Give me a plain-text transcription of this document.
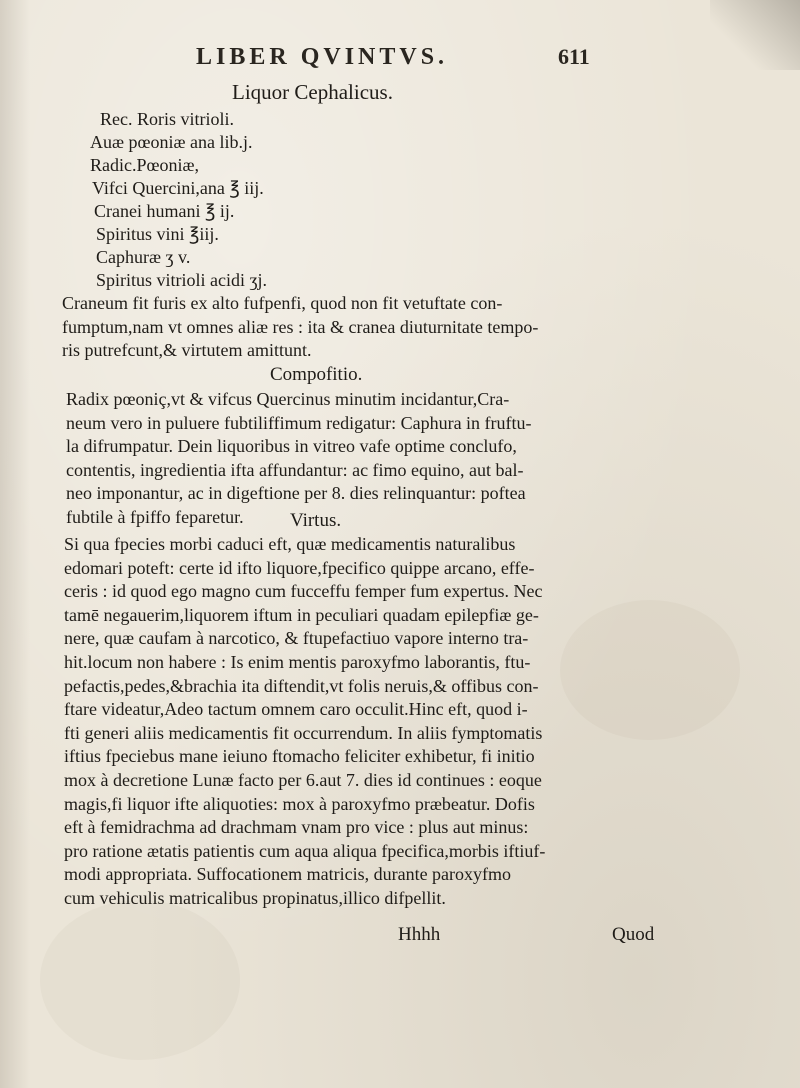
LIBER QVINTVS.	611
Liquor Cephalicus.
Rec. Roris vitrioli.
Auæ pœoniæ ana lib.j.
Radic.Pœoniæ,
Vifci Quercini,ana ℥ iij.
Cranei humani ℥ ij.
Spiritus vini ℥iij.
Caphuræ ʒ v.
Spiritus vitrioli acidi ʒj.
Craneum fit furis ex alto fufpenfi, quod non fit vetuftate con-
fumptum,nam vt omnes aliæ res : ita & cranea diuturnitate tempo-
ris putrefcunt,& virtutem amittunt.
Compofitio.
Radix pœoniç,vt & vifcus Quercinus minutim incidantur,Cra-
neum vero in puluere fubtiliffimum redigatur: Caphura in fruftu-
la difrumpatur. Dein liquoribus in vitreo vafe optime conclufo,
contentis, ingredientia ifta affundantur: ac fimo equino, aut bal-
neo imponantur, ac in digeftione per 8. dies relinquantur: poftea
fubtile à fpiffo feparetur.	Virtus.
Si qua fpecies morbi caduci eft, quæ medicamentis naturalibus
edomari poteft: certe id ifto liquore,fpecifico quippe arcano, effe-
ceris : id quod ego magno cum fucceffu femper fum expertus. Nec
tamē negauerim,liquorem iftum in peculiari quadam epilepfiæ ge-
nere, quæ caufam à narcotico, & ftupefactiuo vapore interno tra-
hit.locum non habere : Is enim mentis paroxyfmo laborantis, ftu-
pefactis,pedes,&brachia ita diftendit,vt folis neruis,& offibus con-
ftare videatur,Adeo tactum omnem caro occulit.Hinc eft, quod i-
fti generi aliis medicamentis fit occurrendum. In aliis fymptomatis
iftius fpeciebus mane ieiuno ftomacho feliciter exhibetur, fi initio
mox à decretione Lunæ facto per 6.aut 7. dies id continues : eoque
magis,fi liquor ifte aliquoties: mox à paroxyfmo præbeatur. Dofis
eft à femidrachma ad drachmam vnam pro vice : plus aut minus:
pro ratione ætatis patientis cum aqua aliqua fpecifica,morbis iftiuf-
modi appropriata. Suffocationem matricis, durante paroxyfmo
cum vehiculis matricalibus propinatus,illico difpellit.
Hhhh	Quod
